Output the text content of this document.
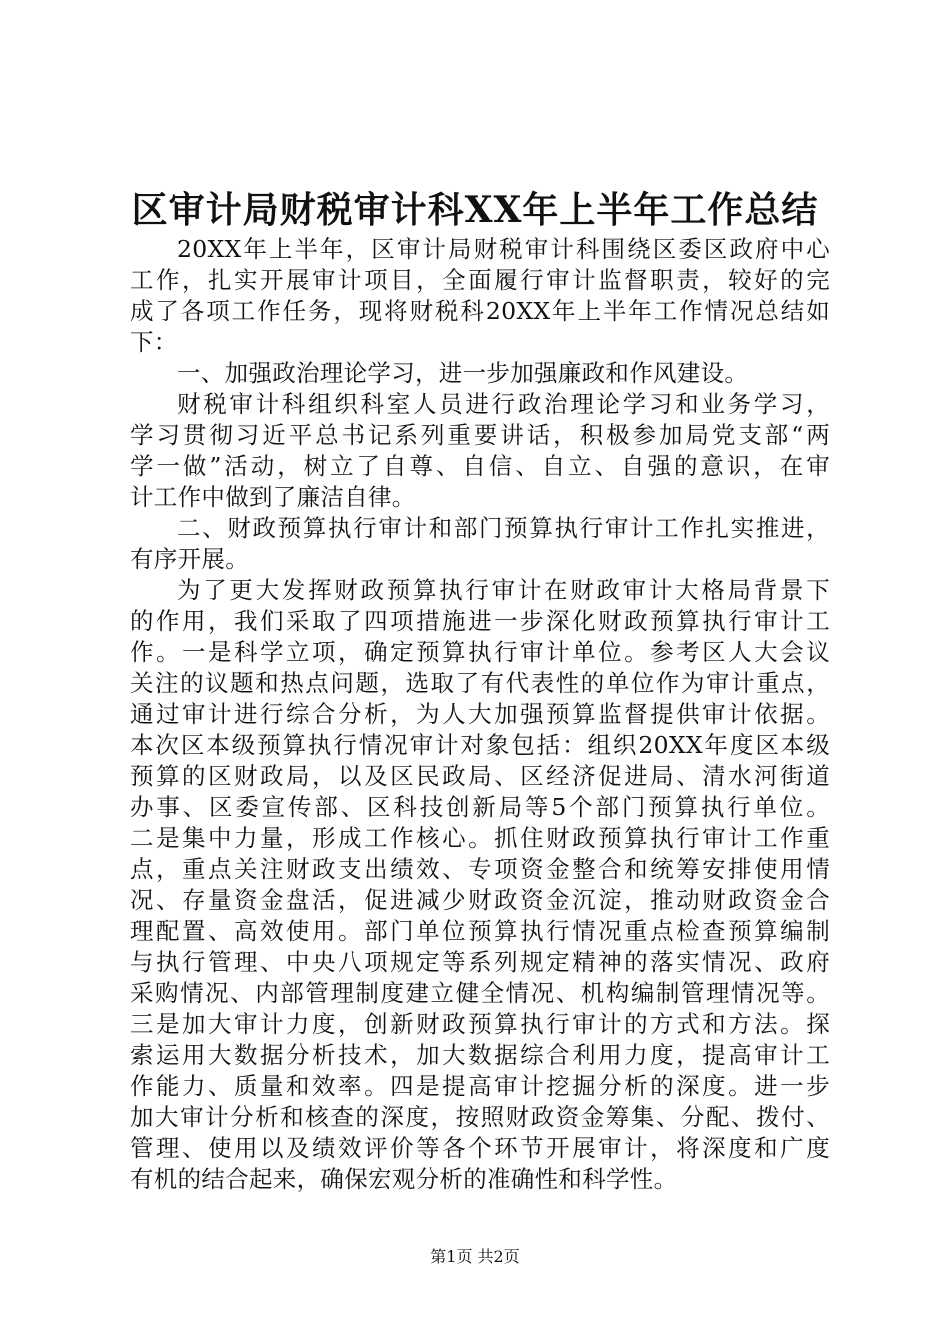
区审计局财税审计科XX年上半年工作总结
20XX年上半年，区审计局财税审计科围绕区委区政府中心
工作，扎实开展审计项目，全面履行审计监督职责，较好的完
成了各项工作任务，现将财税科20XX年上半年工作情况总结如
下：
一、加强政治理论学习，进一步加强廉政和作风建设。
财税审计科组织科室人员进行政治理论学习和业务学习，
学习贯彻习近平总书记系列重要讲话，积极参加局党支部“两
学一做”活动，树立了自尊、自信、自立、自强的意识，在审
计工作中做到了廉洁自律。
二、财政预算执行审计和部门预算执行审计工作扎实推进，
有序开展。
为了更大发挥财政预算执行审计在财政审计大格局背景下
的作用，我们采取了四项措施进一步深化财政预算执行审计工
作。一是科学立项，确定预算执行审计单位。参考区人大会议
关注的议题和热点问题，选取了有代表性的单位作为审计重点，
通过审计进行综合分析，为人大加强预算监督提供审计依据。
本次区本级预算执行情况审计对象包括：组织20XX年度区本级
预算的区财政局，以及区民政局、区经济促进局、清水河街道
办事、区委宣传部、区科技创新局等5个部门预算执行单位。
二是集中力量，形成工作核心。抓住财政预算执行审计工作重
点，重点关注财政支出绩效、专项资金整合和统筹安排使用情
况、存量资金盘活，促进减少财政资金沉淀，推动财政资金合
理配置、高效使用。部门单位预算执行情况重点检查预算编制
与执行管理、中央八项规定等系列规定精神的落实情况、政府
采购情况、内部管理制度建立健全情况、机构编制管理情况等。
三是加大审计力度，创新财政预算执行审计的方式和方法。探
索运用大数据分析技术，加大数据综合利用力度，提高审计工
作能力、质量和效率。四是提高审计挖掘分析的深度。进一步
加大审计分析和核查的深度，按照财政资金筹集、分配、拨付、
管理、使用以及绩效评价等各个环节开展审计，将深度和广度
有机的结合起来，确保宏观分析的准确性和科学性。
第1页 共2页
